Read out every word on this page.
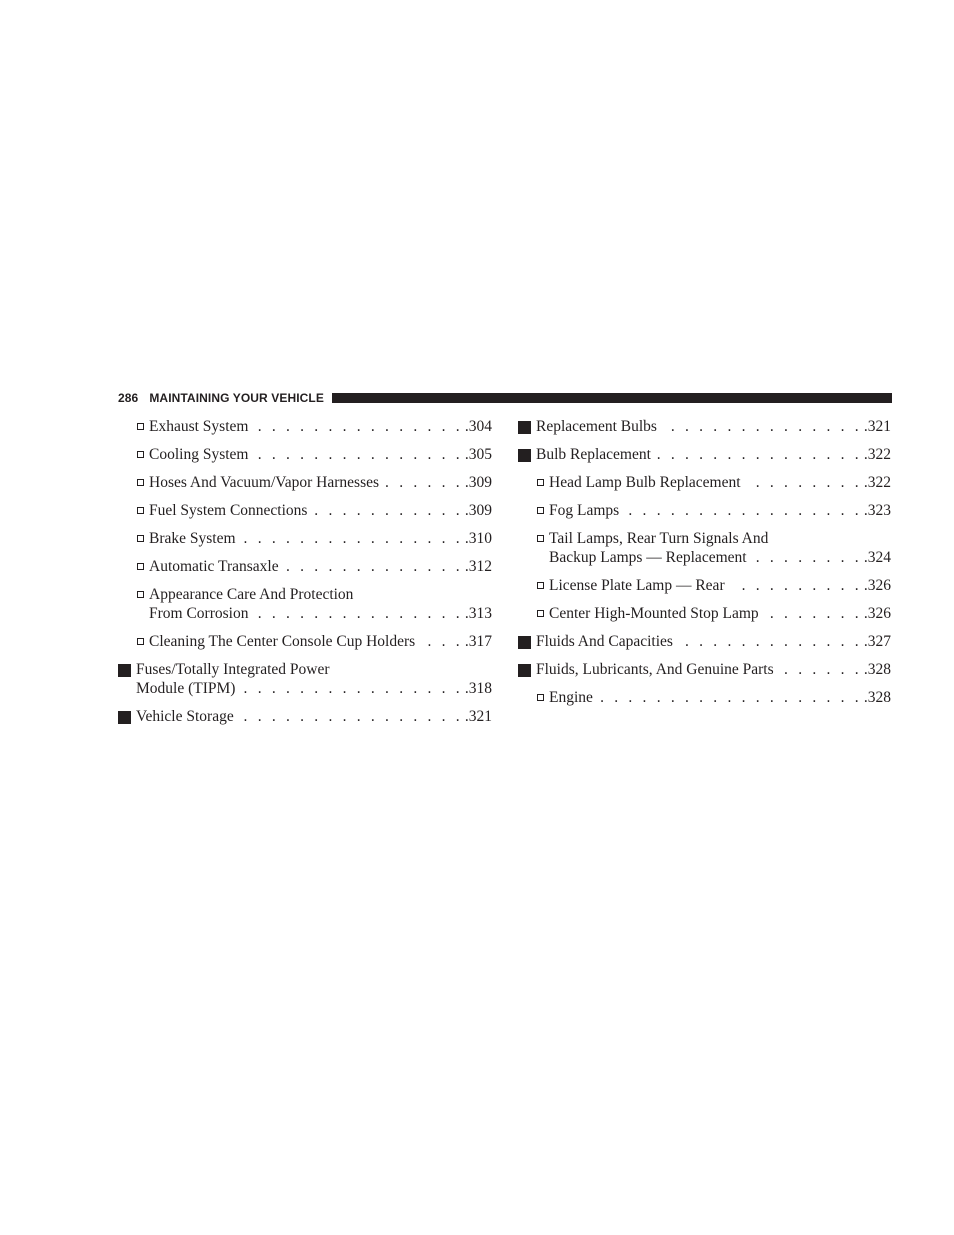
286 MAINTAINING YOUR VEHICLE
Exhaust System . . .	.304
Cooling System . . .	.305
Hoses And Vacuum/Vapor Harnesses . . .	.309
Fuel System Connections . . .	.309
Brake System . . .	.310
Automatic Transaxle . . .	.312
Appearance Care And Protection
From Corrosion . . .	.313
Cleaning The Center Console Cup Holders . . .	.317
Fuses/Totally Integrated Power
Module (TIPM) . . .	.318
Vehicle Storage . . .	.321
Replacement Bulbs . . .	.321
Bulb Replacement . . .	.322
Head Lamp Bulb Replacement . . .	.322
Fog Lamps . . .	.323
Tail Lamps, Rear Turn Signals And
Backup Lamps — Replacement . . .	.324
License Plate Lamp — Rear . . .	.326
Center High-Mounted Stop Lamp . . .	.326
Fluids And Capacities . . .	.327
Fluids, Lubricants, And Genuine Parts . . .	.328
Engine . . .	.328
